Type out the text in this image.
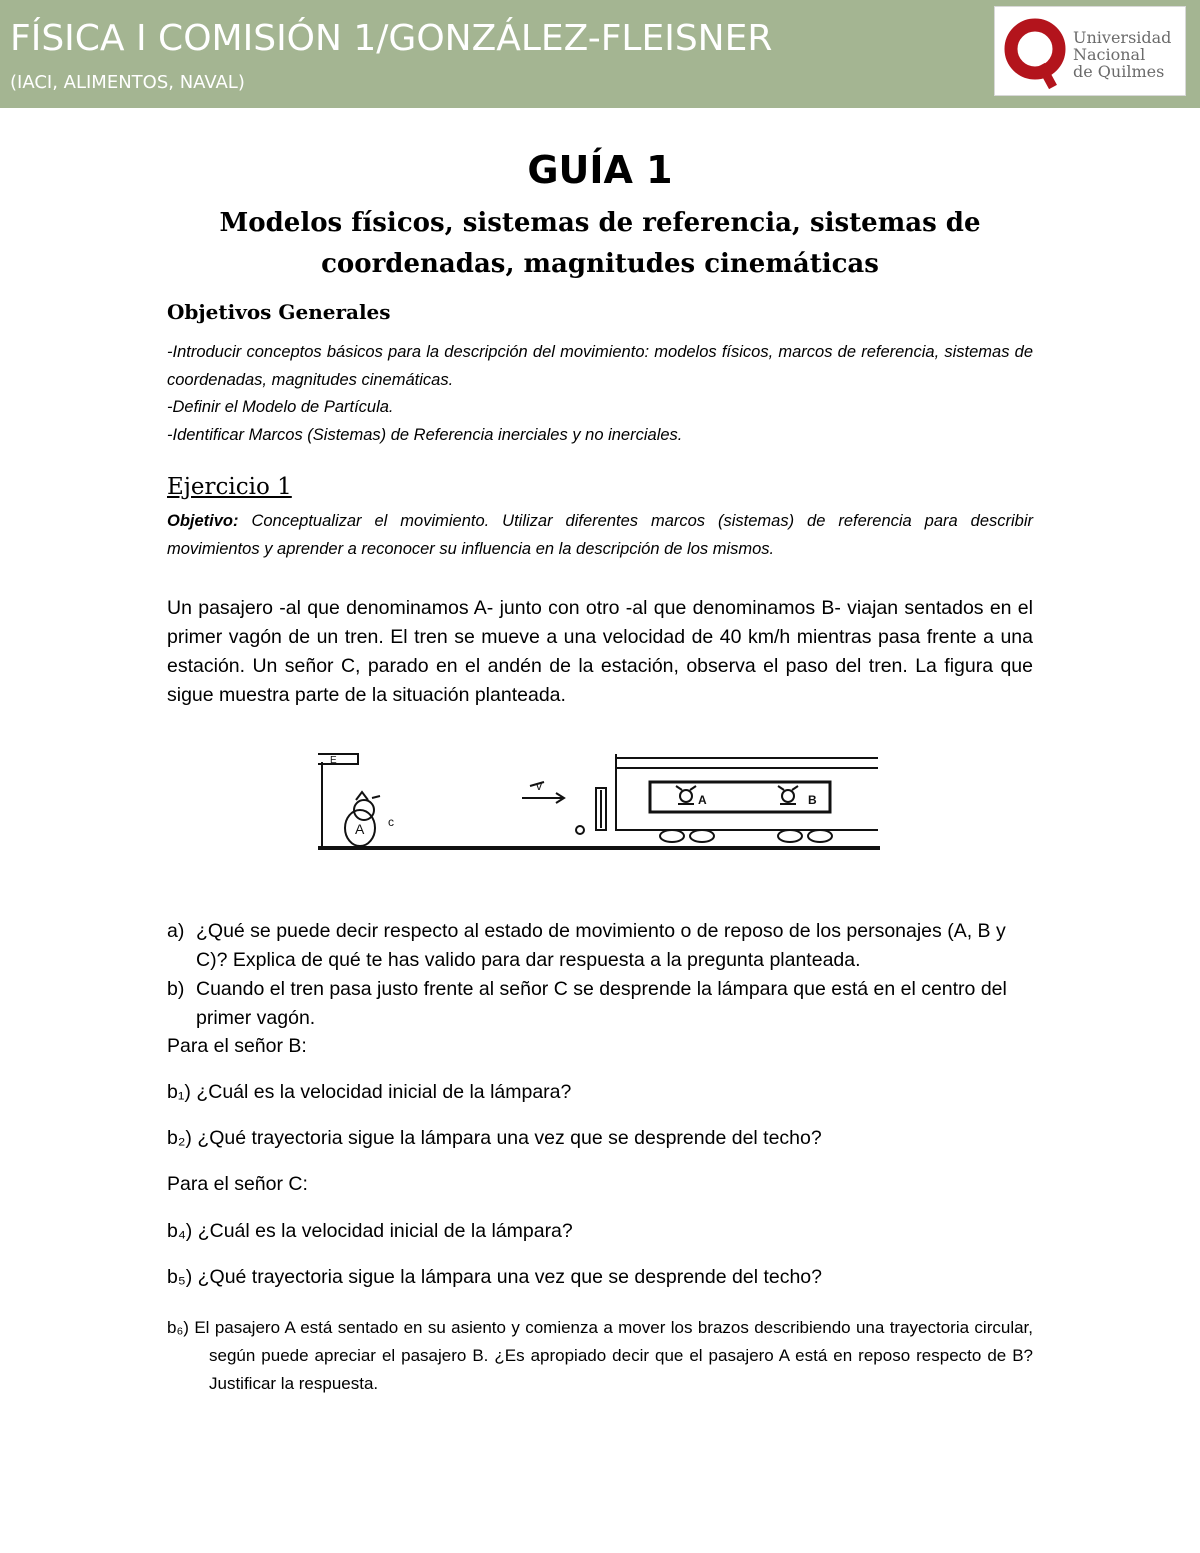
FÍSICA I COMISIÓN 1/GONZÁLEZ-FLEISNER
(IACI, ALIMENTOS, NAVAL)
Universidad
Nacional
de Quilmes
GUÍA 1
Modelos físicos, sistemas de referencia, sistemas de coordenadas, magnitudes cinemáticas
Objetivos Generales

-Introducir conceptos básicos para la descripción del movimiento: modelos físicos, marcos de referencia, sistemas de coordenadas, magnitudes cinemáticas.

-Definir el Modelo de Partícula.

-Identificar Marcos (Sistemas) de Referencia inerciales y no inerciales.

Ejercicio 1
Objetivo: Conceptualizar el movimiento. Utilizar diferentes marcos (sistemas) de referencia para describir movimientos y aprender a reconocer su influencia en la descripción de los mismos.

Un pasajero -al que denominamos A- junto con otro -al que denominamos B- viajan sentados en el primer vagón de un tren. El tren se mueve a una velocidad de 40 km/h mientras pasa frente a una estación. Un señor C, parado en el andén de la estación, observa el paso del tren. La figura que sigue muestra parte de la situación planteada.

E
A c
v
A	B
a) ¿Qué se puede decir respecto al estado de movimiento o de reposo de los personajes (A, B y C)? Explica de qué te has valido para dar respuesta a la pregunta planteada.
b) Cuando el tren pasa justo frente al señor C se desprende la lámpara que está en el centro del primer vagón.
Para el señor B:
b₁) ¿Cuál es la velocidad inicial de la lámpara?
b₂) ¿Qué trayectoria sigue la lámpara una vez que se desprende del techo?
Para el señor C:
b₄) ¿Cuál es la velocidad inicial de la lámpara?
b₅) ¿Qué trayectoria sigue la lámpara una vez que se desprende del techo?
b₆) El pasajero A está sentado en su asiento y comienza a mover los brazos describiendo una trayectoria circular, según puede apreciar el pasajero B. ¿Es apropiado decir que el pasajero A está en reposo respecto de B? Justificar la respuesta.
